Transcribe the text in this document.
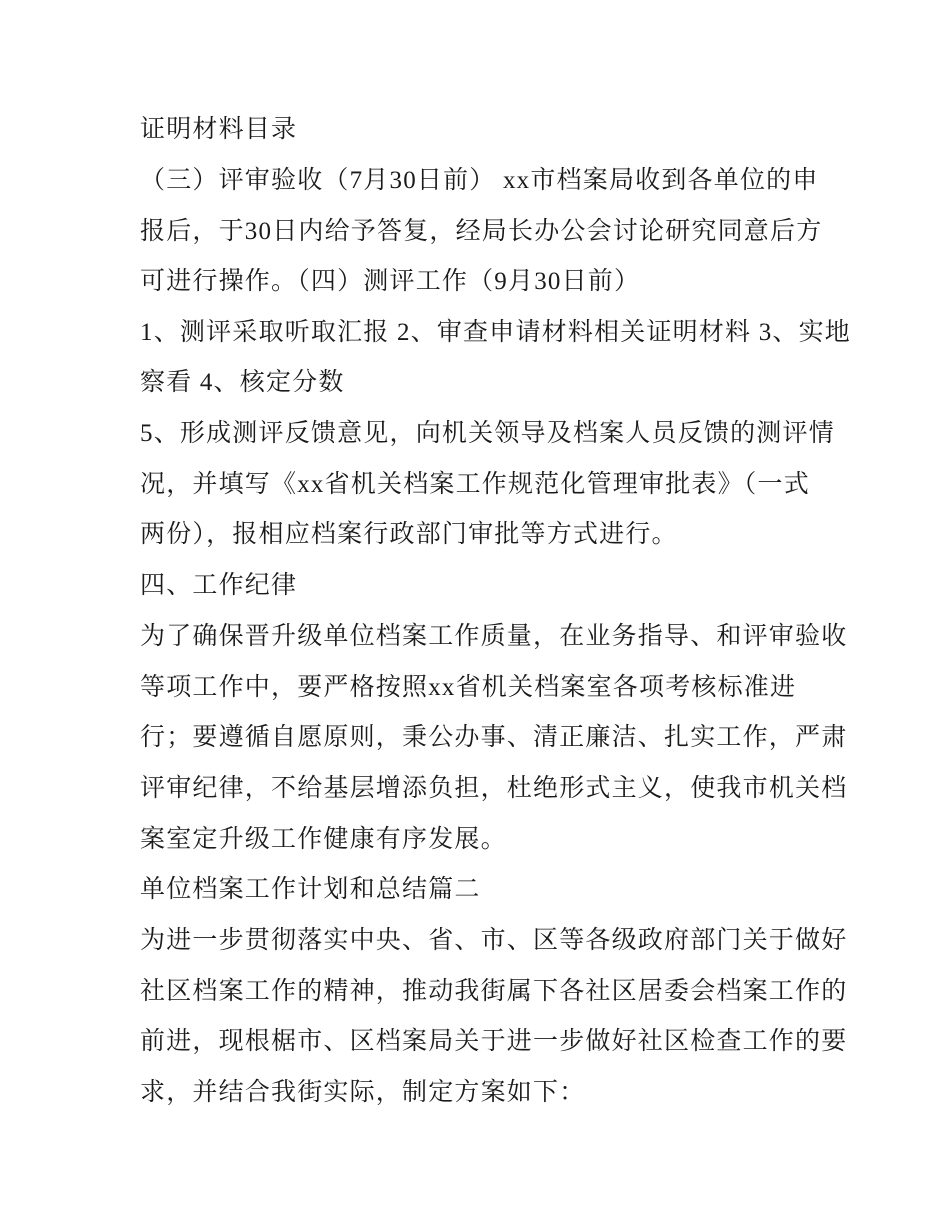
证明材料目录
（三）评审验收（7月30日前） xx市档案局收到各单位的申
报后，于30日内给予答复，经局长办公会讨论研究同意后方
可进行操作。（四）测评工作（9月30日前）
1、测评采取听取汇报 2、审查申请材料相关证明材料 3、实地
察看 4、核定分数
5、形成测评反馈意见，向机关领导及档案人员反馈的测评情
况，并填写《xx省机关档案工作规范化管理审批表》（一式
两份），报相应档案行政部门审批等方式进行。
四、工作纪律
为了确保晋升级单位档案工作质量，在业务指导、和评审验收
等项工作中，要严格按照xx省机关档案室各项考核标准进
行；要遵循自愿原则，秉公办事、清正廉洁、扎实工作，严肃
评审纪律，不给基层增添负担，杜绝形式主义，使我市机关档
案室定升级工作健康有序发展。
单位档案工作计划和总结篇二
为进一步贯彻落实中央、省、市、区等各级政府部门关于做好
社区档案工作的精神，推动我街属下各社区居委会档案工作的
前进，现根椐市、区档案局关于进一步做好社区检查工作的要
求，并结合我街实际，制定方案如下：
